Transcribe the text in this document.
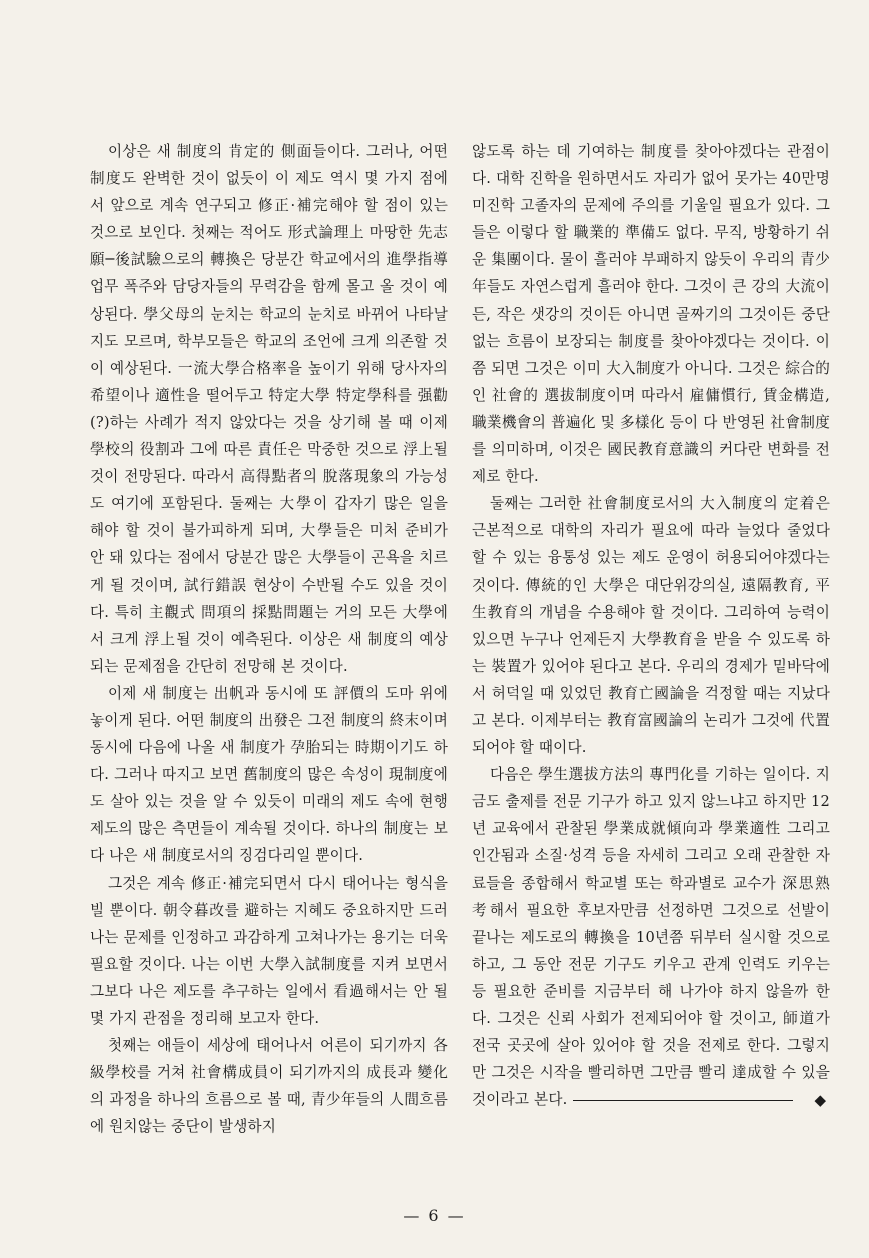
이상은 새 制度의 肯定的 側面들이다. 그러나, 어떤 制度도 완벽한 것이 없듯이 이 제도 역시 몇 가지 점에서 앞으로 계속 연구되고 修正·補完해야 할 점이 있는 것으로 보인다. 첫째는 적어도 形式論理上 마땅한 先志願─後試驗으로의 轉換은 당분간 학교에서의 進學指導 업무 폭주와 담당자들의 무력감을 함께 몰고 올 것이 예상된다. 學父母의 눈치는 학교의 눈치로 바뀌어 나타날지도 모르며, 학부모들은 학교의 조언에 크게 의존할 것이 예상된다. 一流大學合格率을 높이기 위해 당사자의 希望이나 適性을 떨어두고 特定大學 特定學科를 强勸(?)하는 사례가 적지 않았다는 것을 상기해 볼 때 이제 學校의 役割과 그에 따른 責任은 막중한 것으로 浮上될 것이 전망된다. 따라서 高得點者의 脫落現象의 가능성도 여기에 포함된다. 둘째는 大學이 갑자기 많은 일을 해야 할 것이 불가피하게 되며, 大學들은 미처 준비가 안 돼 있다는 점에서 당분간 많은 大學들이 곤욕을 치르게 될 것이며, 試行錯誤 현상이 수반될 수도 있을 것이다. 특히 主觀式 問項의 採點問題는 거의 모든 大學에서 크게 浮上될 것이 예측된다. 이상은 새 制度의 예상되는 문제점을 간단히 전망해 본 것이다.

이제 새 制度는 出帆과 동시에 또 評價의 도마 위에 놓이게 된다. 어떤 制度의 出發은 그전 制度의 終末이며 동시에 다음에 나올 새 制度가 孕胎되는 時期이기도 하다. 그러나 따지고 보면 舊制度의 많은 속성이 現制度에도 살아 있는 것을 알 수 있듯이 미래의 제도 속에 현행 제도의 많은 측면들이 계속될 것이다. 하나의 制度는 보다 나은 새 制度로서의 징검다리일 뿐이다.

그것은 계속 修正·補完되면서 다시 태어나는 형식을 빌 뿐이다. 朝令暮改를 避하는 지혜도 중요하지만 드러나는 문제를 인정하고 과감하게 고쳐나가는 용기는 더욱 필요할 것이다. 나는 이번 大學入試制度를 지켜 보면서 그보다 나은 제도를 추구하는 일에서 看過해서는 안 될 몇 가지 관점을 정리해 보고자 한다.

첫째는 애들이 세상에 태어나서 어른이 되기까지 各級學校를 거쳐 社會構成員이 되기까지의 成長과 變化의 과정을 하나의 흐름으로 볼 때, 青少年들의 人間흐름에 원치않는 중단이 발생하지

않도록 하는 데 기여하는 制度를 찾아야겠다는 관점이다. 대학 진학을 원하면서도 자리가 없어 못가는 40만명 미진학 고졸자의 문제에 주의를 기울일 필요가 있다. 그들은 이렇다 할 職業的 準備도 없다. 무직, 방황하기 쉬운 集團이다. 물이 흘러야 부패하지 않듯이 우리의 青少年들도 자연스럽게 흘러야 한다. 그것이 큰 강의 大流이든, 작은 샛강의 것이든 아니면 골짜기의 그것이든 중단 없는 흐름이 보장되는 制度를 찾아야겠다는 것이다. 이쯤 되면 그것은 이미 大入制度가 아니다. 그것은 綜合的인 社會的 選拔制度이며 따라서 雇傭慣行, 賃金構造, 職業機會의 普遍化 및 多樣化 등이 다 반영된 社會制度를 의미하며, 이것은 國民教育意識의 커다란 변화를 전제로 한다.

둘째는 그러한 社會制度로서의 大入制度의 定着은 근본적으로 대학의 자리가 필요에 따라 늘었다 줄었다 할 수 있는 융통성 있는 제도 운영이 허용되어야겠다는 것이다. 傳統的인 大學은 대단위강의실, 遠隔教育, 平生教育의 개념을 수용해야 할 것이다. 그리하여 능력이 있으면 누구나 언제든지 大學教育을 받을 수 있도록 하는 裝置가 있어야 된다고 본다. 우리의 경제가 밑바닥에서 허덕일 때 있었던 教育亡國論을 걱정할 때는 지났다고 본다. 이제부터는 教育富國論의 논리가 그것에 代置되어야 할 때이다.

다음은 學生選拔方法의 專門化를 기하는 일이다. 지금도 출제를 전문 기구가 하고 있지 않느냐고 하지만 12년 교육에서 관찰된 學業成就傾向과 學業適性 그리고 인간됨과 소질·성격 등을 자세히 그리고 오래 관찰한 자료들을 종합해서 학교별 또는 학과별로 교수가 深思熟考해서 필요한 후보자만큼 선정하면 그것으로 선발이 끝나는 제도로의 轉換을 10년쯤 뒤부터 실시할 것으로 하고, 그 동안 전문 기구도 키우고 관계 인력도 키우는 등 필요한 준비를 지금부터 해 나가야 하지 않을까 한다. 그것은 신뢰 사회가 전제되어야 할 것이고, 師道가 전국 곳곳에 살아 있어야 할 것을 전제로 한다. 그렇지만 그것은 시작을 빨리하면 그만큼 빨리 達成할 수 있을 것이라고 본다.	◆

— 6 —
